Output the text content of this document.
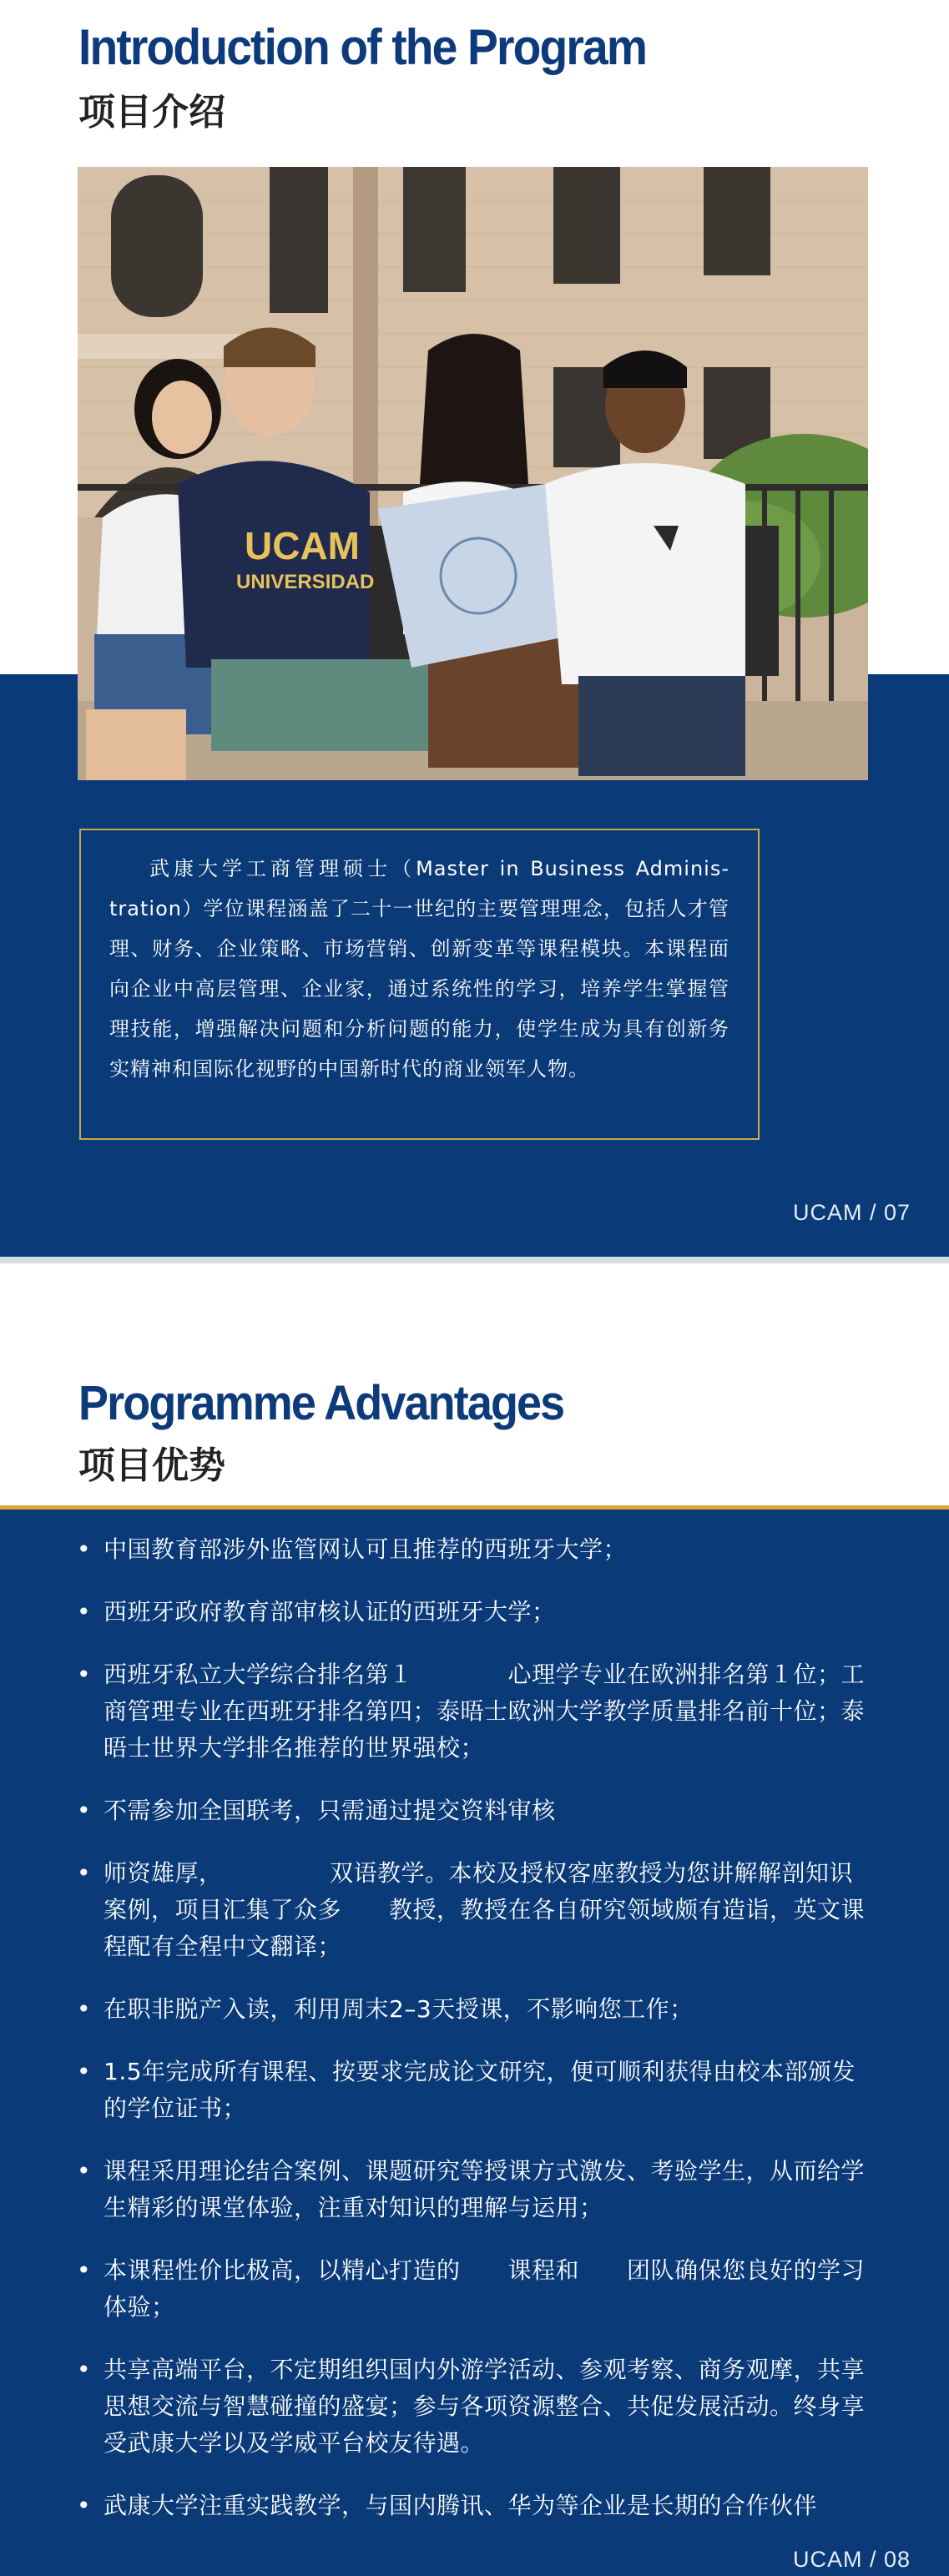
Introduction of the Program
项目介绍
UCAM
UNIVERSIDAD

武康大学工商管理硕士（Master in Business Adminis-tration）学位课程涵盖了二十一世纪的主要管理理念，包括人才管理、财务、企业策略、市场营销、创新变革等课程模块。本课程面向企业中高层管理、企业家，通过系统性的学习，培养学生掌握管理技能，增强解决问题和分析问题的能力，使学生成为具有创新务实精神和国际化视野的中国新时代的商业领军人物。

UCAM / 07
Programme Advantages
项目优势
• 中国教育部涉外监管网认可且推荐的西班牙大学；
• 西班牙政府教育部审核认证的西班牙大学；
• 西班牙私立大学综合排名第１　　　　心理学专业在欧洲排名第１位；工商管理专业在西班牙排名第四；泰晤士欧洲大学教学质量排名前十位；泰晤士世界大学排名推荐的世界强校；
• 不需参加全国联考，只需通过提交资料审核
• 师资雄厚，　　　　　双语教学。本校及授权客座教授为您讲解解剖知识案例，项目汇集了众多　　教授，教授在各自研究领域颇有造诣，英文课程配有全程中文翻译；
• 在职非脱产入读，利用周末2–3天授课，不影响您工作；
• 1.5年完成所有课程、按要求完成论文研究，便可顺利获得由校本部颁发的学位证书；
• 课程采用理论结合案例、课题研究等授课方式激发、考验学生，从而给学生精彩的课堂体验，注重对知识的理解与运用；
• 本课程性价比极高，以精心打造的　　课程和　　团队确保您良好的学习体验；
• 共享高端平台，不定期组织国内外游学活动、参观考察、商务观摩，共享思想交流与智慧碰撞的盛宴；参与各项资源整合、共促发展活动。终身享受武康大学以及学威平台校友待遇。
• 武康大学注重实践教学，与国内腾讯、华为等企业是长期的合作伙伴
UCAM / 08
